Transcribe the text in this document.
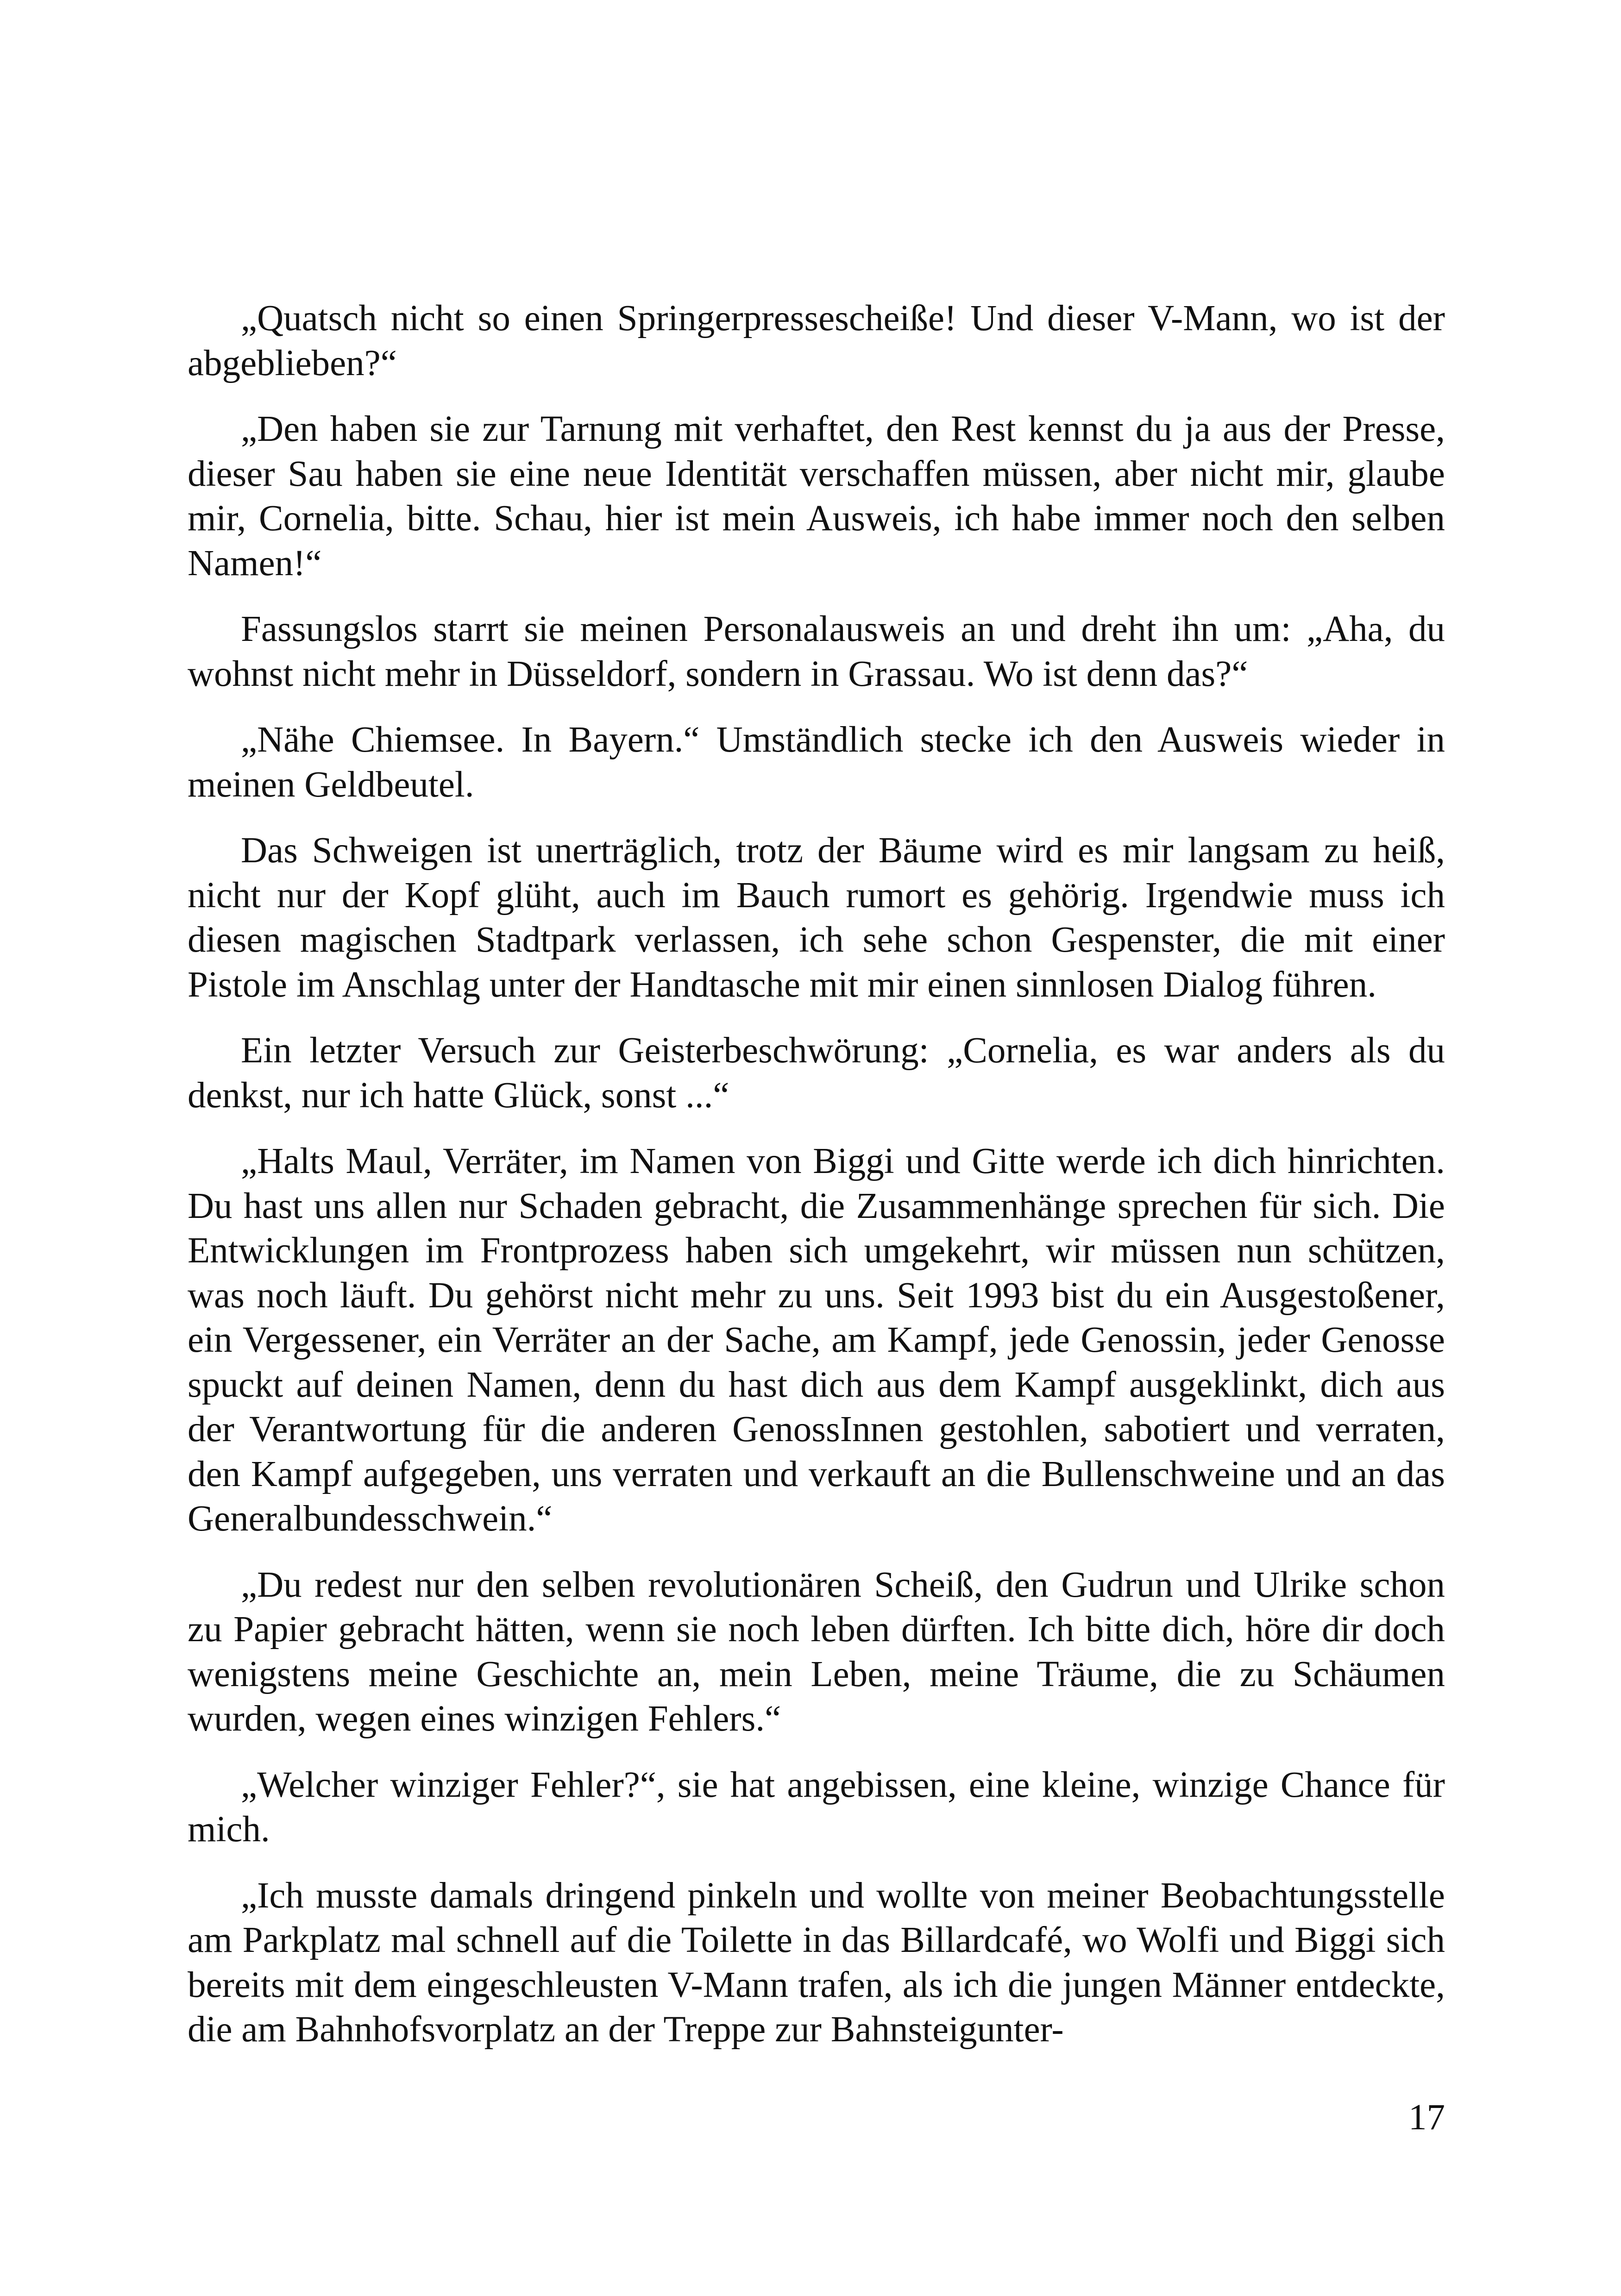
„Quatsch nicht so einen Springerpressescheiße! Und dieser V-Mann, wo ist der abgeblieben?“

„Den haben sie zur Tarnung mit verhaftet, den Rest kennst du ja aus der Presse, dieser Sau haben sie eine neue Identität verschaffen müssen, aber nicht mir, glaube mir, Cornelia, bitte. Schau, hier ist mein Ausweis, ich habe immer noch den selben Namen!“

Fassungslos starrt sie meinen Personalausweis an und dreht ihn um: „Aha, du wohnst nicht mehr in Düsseldorf, sondern in Grassau. Wo ist denn das?“

„Nähe Chiemsee. In Bayern.“ Umständlich stecke ich den Ausweis wieder in meinen Geldbeutel.

Das Schweigen ist unerträglich, trotz der Bäume wird es mir langsam zu heiß, nicht nur der Kopf glüht, auch im Bauch rumort es gehörig. Irgendwie muss ich diesen magischen Stadtpark verlassen, ich sehe schon Gespenster, die mit einer Pistole im Anschlag unter der Handtasche mit mir einen sinnlosen Dialog führen.

Ein letzter Versuch zur Geisterbeschwörung: „Cornelia, es war anders als du denkst, nur ich hatte Glück, sonst ...“

„Halts Maul, Verräter, im Namen von Biggi und Gitte werde ich dich hinrichten. Du hast uns allen nur Schaden gebracht, die Zusammenhänge sprechen für sich. Die Entwicklungen im Frontprozess haben sich umgekehrt, wir müssen nun schützen, was noch läuft. Du gehörst nicht mehr zu uns. Seit 1993 bist du ein Ausgestoßener, ein Vergessener, ein Verräter an der Sache, am Kampf, jede Genossin, jeder Genosse spuckt auf deinen Namen, denn du hast dich aus dem Kampf ausgeklinkt, dich aus der Verantwortung für die anderen GenossInnen gestohlen, sabotiert und verraten, den Kampf aufgegeben, uns verraten und verkauft an die Bullenschweine und an das Generalbundesschwein.“

„Du redest nur den selben revolutionären Scheiß, den Gudrun und Ulrike schon zu Papier gebracht hätten, wenn sie noch leben dürften. Ich bitte dich, höre dir doch wenigstens meine Geschichte an, mein Leben, meine Träume, die zu Schäumen wurden, wegen eines winzigen Fehlers.“

„Welcher winziger Fehler?“, sie hat angebissen, eine kleine, winzige Chance für mich.

„Ich musste damals dringend pinkeln und wollte von meiner Beobachtungsstelle am Parkplatz mal schnell auf die Toilette in das Billardcafé, wo Wolfi und Biggi sich bereits mit dem eingeschleusten V-Mann trafen, als ich die jungen Männer entdeckte, die am Bahnhofsvorplatz an der Treppe zur Bahnsteigunter-

17
